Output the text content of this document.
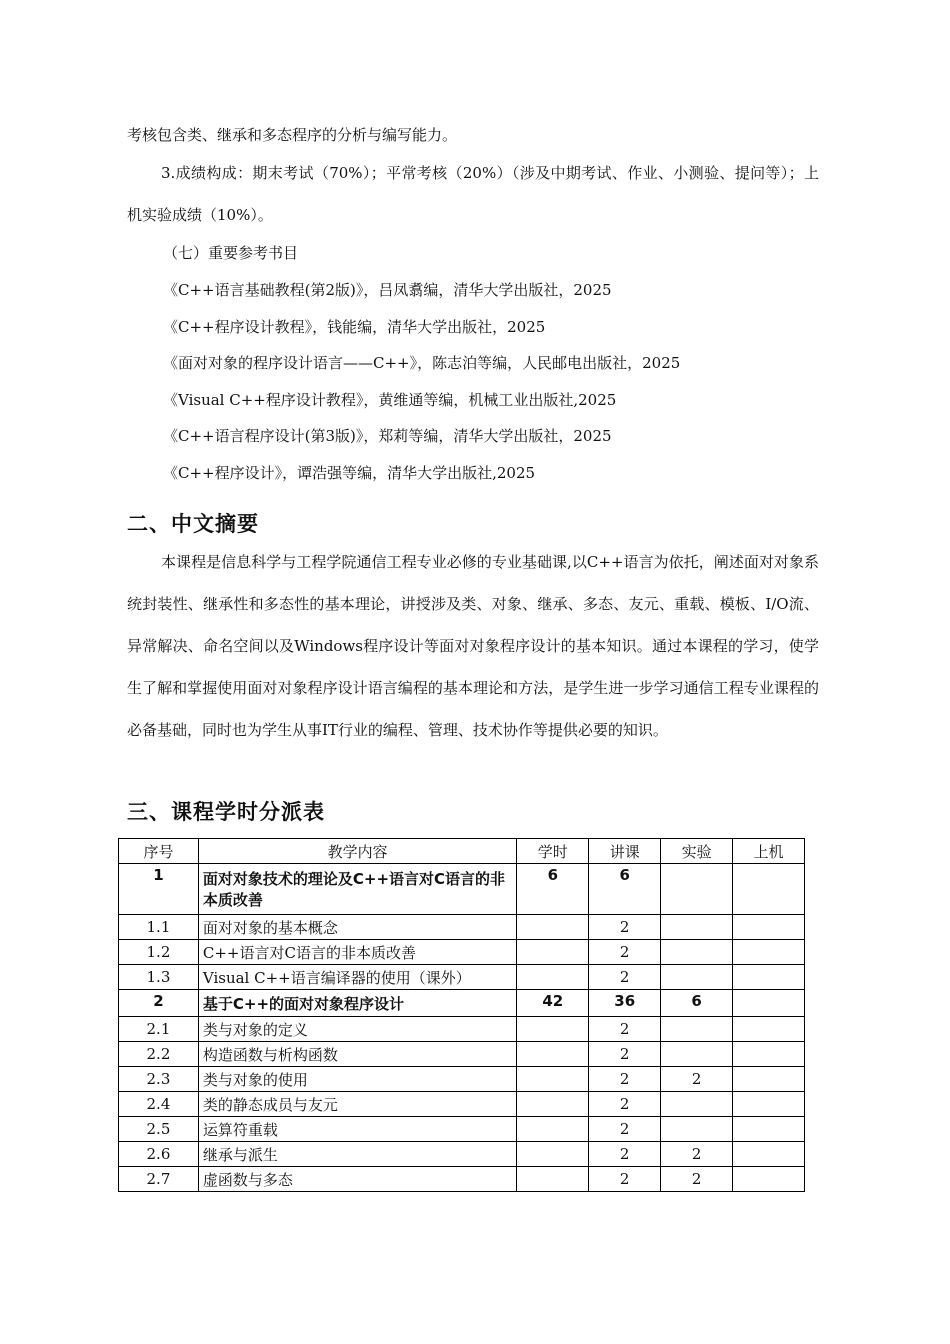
考核包含类、继承和多态程序的分析与编写能力。

3.成绩构成：期末考试（70%）；平常考核（20%）（涉及中期考试、作业、小测验、提问等）；上机实验成绩（10%）。

（七）重要参考书目
《C++语言基础教程(第2版)》，吕凤翥编，清华大学出版社，2025
《C++程序设计教程》，钱能编，清华大学出版社，2025
《面对对象的程序设计语言——C++》，陈志泊等编，人民邮电出版社，2025
《Visual C++程序设计教程》，黄维通等编，机械工业出版社,2025
《C++语言程序设计(第3版)》，郑莉等编，清华大学出版社，2025
《C++程序设计》，谭浩强等编，清华大学出版社,2025
二、中文摘要

本课程是信息科学与工程学院通信工程专业必修的专业基础课,以C++语言为依托，阐述面对对象系统封装性、继承性和多态性的基本理论，讲授涉及类、对象、继承、多态、友元、重载、模板、I/O流、异常解决、命名空间以及Windows程序设计等面对对象程序设计的基本知识。通过本课程的学习，使学生了解和掌握使用面对对象程序设计语言编程的基本理论和方法，是学生进一步学习通信工程专业课程的必备基础，同时也为学生从事IT行业的编程、管理、技术协作等提供必要的知识。

三、课程学时分派表
序号	教学内容	学时	讲课	实验	上机
1	面对对象技术的理论及C++语言对C语言的非本质改善	6	6		
1.1	面对对象的基本概念		2		
1.2	C++语言对C语言的非本质改善		2		
1.3	Visual C++语言编译器的使用（课外）		2		
2	基于C++的面对对象程序设计	42	36	6	
2.1	类与对象的定义		2		
2.2	构造函数与析构函数		2		
2.3	类与对象的使用		2	2	
2.4	类的静态成员与友元		2		
2.5	运算符重载		2		
2.6	继承与派生		2	2	
2.7	虚函数与多态		2	2	
